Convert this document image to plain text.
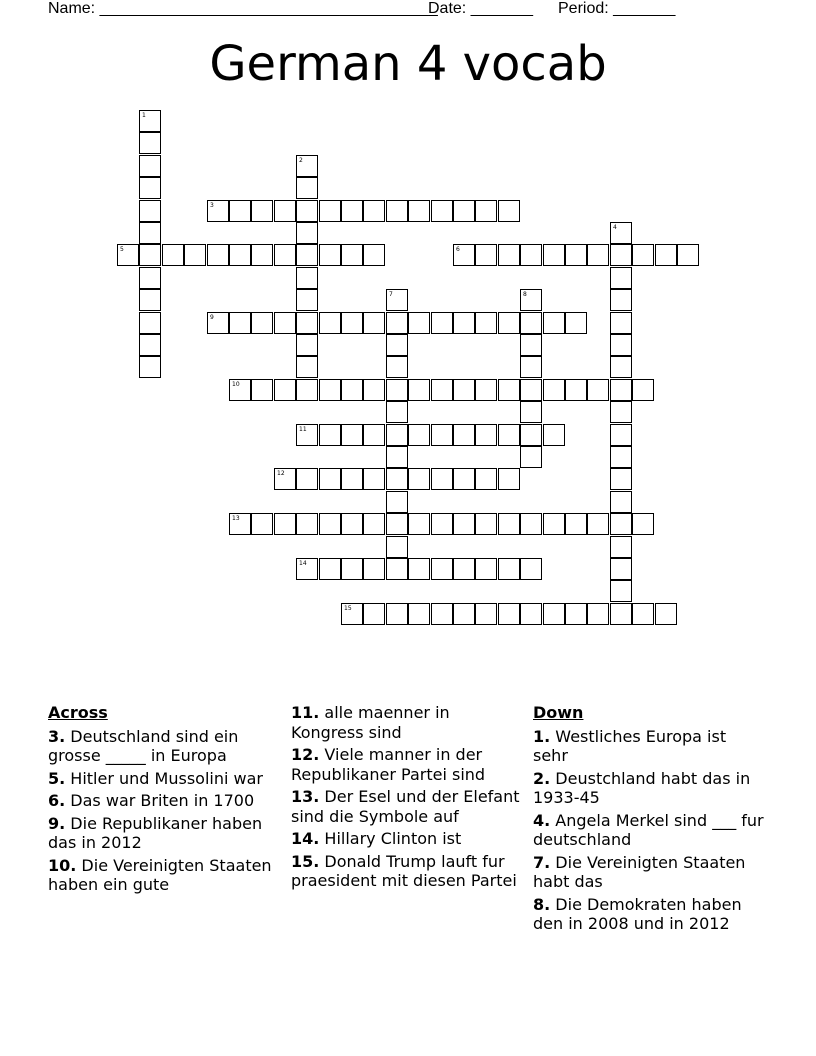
Name: ______________________________________
Date: _______ Period: _______
German 4 vocab
1
2
3
4
5	6
7	8
9
10
11
12
13
14
15
Across
3. Deutschland sind ein grosse _____ in Europa
5. Hitler und Mussolini war
6. Das war Briten in 1700
9. Die Republikaner haben das in 2012
10. Die Vereinigten Staaten haben ein gute
11. alle maenner in Kongress sind
12. Viele manner in der Republikaner Partei sind
13. Der Esel und der Elefant sind die Symbole auf
14. Hillary Clinton ist
15. Donald Trump lauft fur praesident mit diesen Partei
Down
1. Westliches Europa ist sehr
2. Deustchland habt das in 1933-45
4. Angela Merkel sind ___ fur deutschland
7. Die Vereinigten Staaten habt das
8. Die Demokraten haben den in 2008 und in 2012
